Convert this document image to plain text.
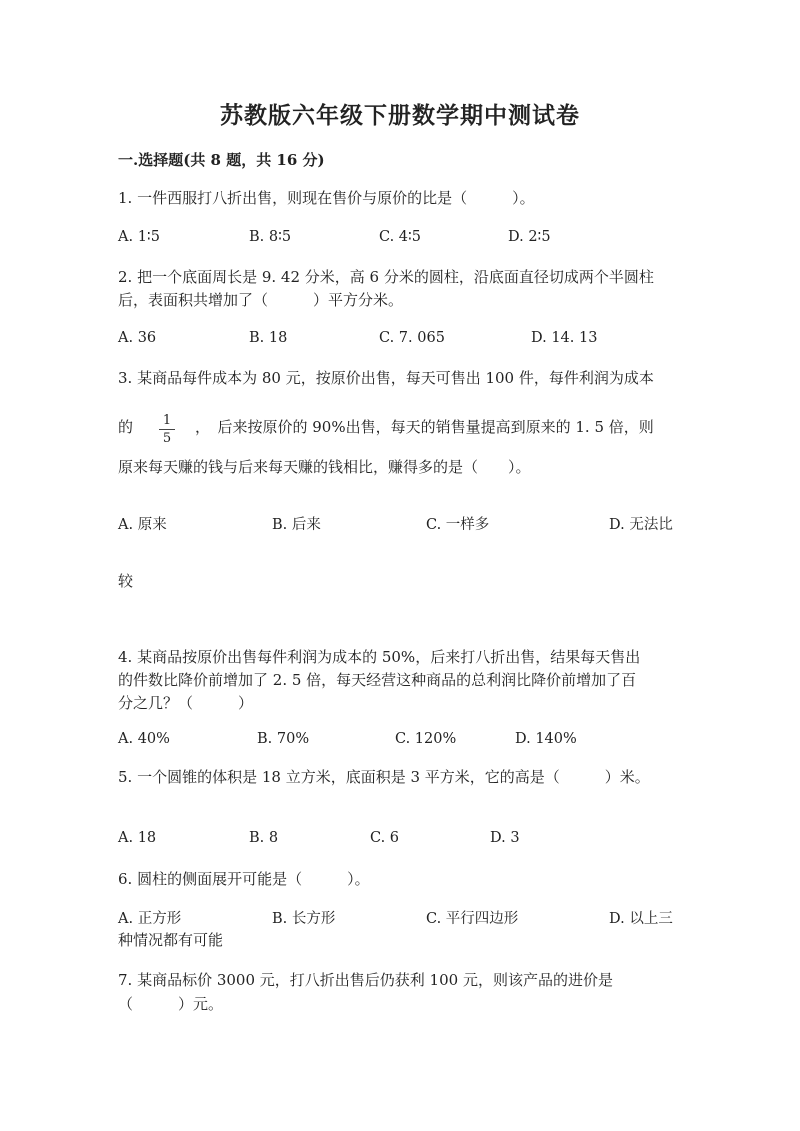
苏教版六年级下册数学期中测试卷
一.选择题(共 8 题，共 16 分)
1. 一件西服打八折出售，则现在售价与原价的比是（　　　）。
A. 1∶5	B. 8∶5	C. 4∶5	D. 2∶5
2. 把一个底面周长是 9. 42 分米，高 6 分米的圆柱，沿底面直径切成两个半圆柱
后，表面积共增加了（　　　）平方分米。
A. 36	B. 18	C. 7. 065	D. 14. 13
3. 某商品每件成本为 80 元，按原价出售，每天可售出 100 件，每件利润为成本
的	1
5
，　后来按原价的 90%出售，每天的销售量提高到原来的 1. 5 倍，则
原来每天赚的钱与后来每天赚的钱相比，赚得多的是（　　）。
A. 原来	B. 后来	C. 一样多	D. 无法比
较
4. 某商品按原价出售每件利润为成本的 50%，后来打八折出售，结果每天售出
的件数比降价前增加了 2. 5 倍，每天经营这种商品的总利润比降价前增加了百
分之几？（　　　）
A. 40%	B. 70%	C. 120%	D. 140%
5. 一个圆锥的体积是 18 立方米，底面积是 3 平方米，它的高是（　　　）米。
A. 18	B. 8	C. 6	D. 3
6. 圆柱的侧面展开可能是（　　　）。
A. 正方形	B. 长方形	C. 平行四边形	D. 以上三
种情况都有可能
7. 某商品标价 3000 元，打八折出售后仍获利 100 元，则该产品的进价是
（　　　）元。
